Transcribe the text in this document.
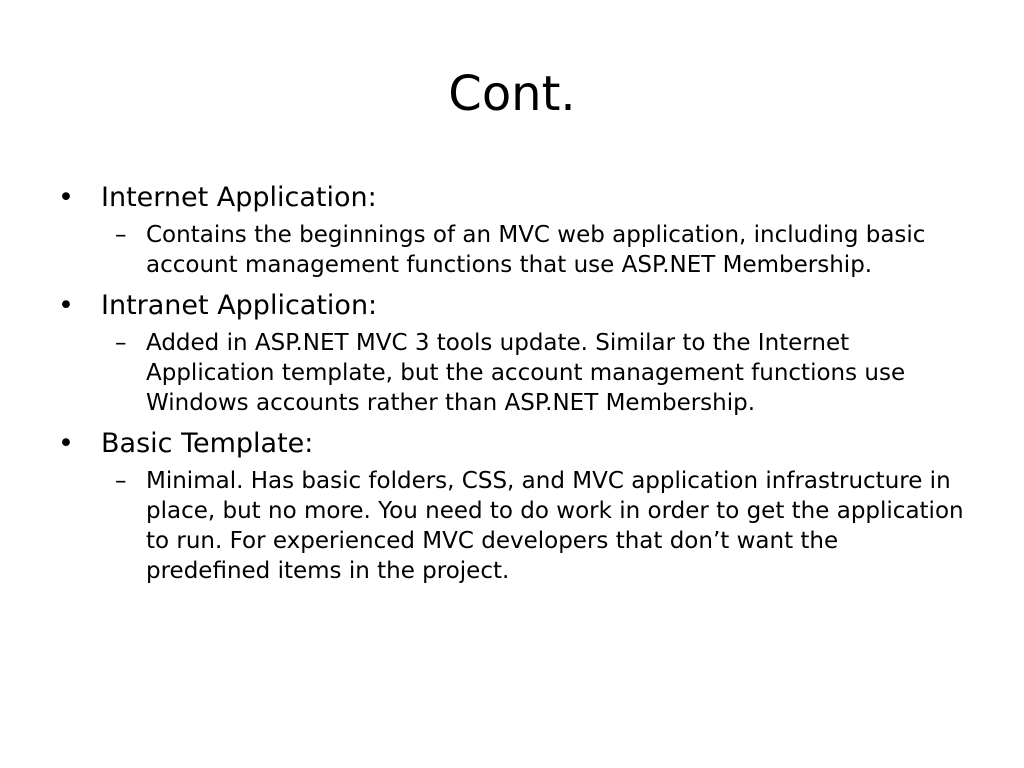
Cont.

• Internet Application:

– Contains the beginnings of an MVC web application, including basic account management functions that use ASP.NET Membership.

• Intranet Application:

– Added in ASP.NET MVC 3 tools update. Similar to the Internet Application template, but the account management functions use Windows accounts rather than ASP.NET Membership.

• Basic Template:

– Minimal. Has basic folders, CSS, and MVC application infrastructure in place, but no more. You need to do work in order to get the application to run. For experienced MVC developers that don’t want the predefined items in the project.
